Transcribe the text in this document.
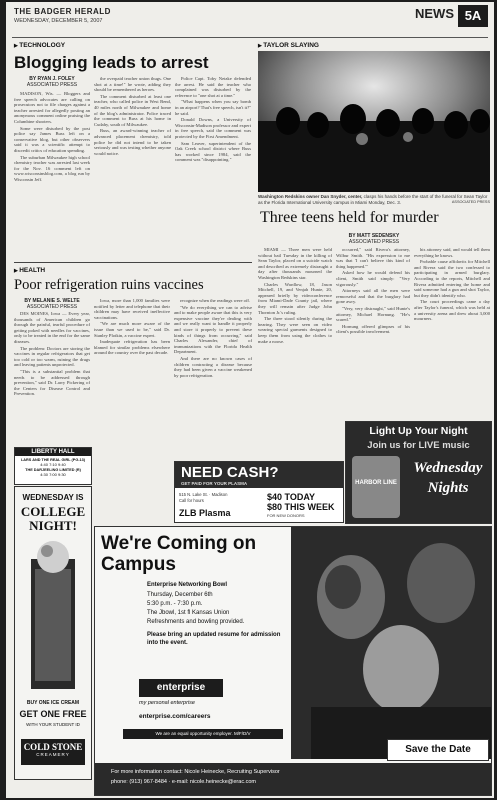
THE BADGER HERALD
WEDNESDAY, DECEMBER 5, 2007	NEWS 5A
▶ TECHNOLOGY
Blogging leads to arrest
BY RYAN J. FOLEY
ASSOCIATED PRESS

MADISON, Wis. — Bloggers and free speech advocates are calling on prosecutors not to file charges against a teacher arrested for allegedly posting an anonymous comment online praising the Columbine shooters.

Some were disturbed by the post police say James Buss left on a conservative blog, but other observers said it was a scientific attempt to discredit critics of education spending.

The suburban Milwaukee high school chemistry teacher was arrested last week for the Nov. 16 comment left on www.wisconsinsblog.com, a blog run by Wisconsin Jeff.

the overpaid teacher union thugs. One shot at a time!" he wrote, adding they should be remembered as heroes.

The comment disturbed at least one teacher, who called police in West Bend, 40 miles north of Milwaukee and home of the blog's administrator. Police traced the comment to Buss at his home in Cudahy, south of Milwaukee.

Buss, an award-winning teacher of advanced placement chemistry, told police he did not intend to be taken seriously and was testing whether anyone would notice.

Police Capt. Toby Netzke defended the arrest. He said the teacher who complained was disturbed by the reference to "one shot at a time."

"What happens when you say bomb in an airport? That's free speech, isn't it?" he said.

Donald Downs, a University of Wisconsin-Madison professor and expert in free speech, said the comment was protected by the First Amendment.

Sam Leaver, superintendent of the Oak Creek school district where Buss has worked since 1984, said the comment was "disappointing."

▶ TAYLOR SLAYING
Washington Redskins owner Dan Snyder, center, clasps his hands before the start of the funeral for Sean Taylor as the Florida International University campus in Miami Monday, Dec. 3.	ASSOCIATED PRESS
Three teens held for murder
BY MATT SEDENSKY
ASSOCIATED PRESS

MIAMI — Three men were held without bail Tuesday in the killing of Sean Taylor, placed on a suicide watch and described as extremely distraught a day after thousands mourned the Washington Redskins star.

Charles Wardlow, 18, Jason Mitchell, 19, and Venjah Hunte, 20, appeared briefly by videoconference from Miami-Dade County jail, where they will remain after Judge John Thornton Jr.'s ruling.

The three stood silently during the hearing. They were seen on video wearing special garments designed to keep them from using the clothes to make a noose.

occurred," said Rivera's attorney, Wilbur Smith. "His expression to me was that 'I can't believe this kind of thing happened.'"

Asked how he would defend his client, Smith said simply: "Very vigorously."

Attorneys said all the men were remorseful and that the burglary had gone awry.

"Very, very distraught," said Hunte's attorney, Michael Hornung. "He's scared."

Hornung offered glimpses of his client's possible involvement.

his attorney said, and would tell them everything he knows.

Probable cause affidavits for Mitchell and Rivera said the two confessed to participating in armed burglary. According to the reports, Mitchell and Rivera admitted entering the home and said someone had a gun and shot Taylor, but they didn't identify who.

The court proceedings came a day after Taylor's funeral, which was held at a university arena and drew about 3,000 mourners.

▶ HEALTH
Poor refrigeration ruins vaccines
BY MELANIE S. WELTE
ASSOCIATED PRESS

DES MOINES, Iowa — Every year, thousands of American children go through the painful, tearful procedure of getting poked with needles for vaccines, only to be treated in the end for the same diseases.

The problem: Doctors are storing the vaccines in regular refrigerators that get too cold or too warm, ruining the drugs and leaving patients unprotected.

"This is a substantial problem that needs to be addressed through prevention," said Dr. Larry Pickering of the Centers for Disease Control and Prevention.

Iowa, more than 1,000 families were notified by letter and telephone that their children may have received ineffective vaccinations.

"We are much more aware of the issue than we used to be," said Dr. Stanley Plotkin, a vaccine expert.

Inadequate refrigeration has been blamed for similar problems elsewhere around the country over the past decade.

recognize when the readings were off.

"We do everything we can to advise and to make people aware that this is very expensive vaccine they're dealing with and we really want to handle it properly and store it properly to prevent these kinds of things from occurring," said Charles Alexander, chief of immunizations with the Florida Health Department.

And there are no known cases of children contracting a disease because they had been given a vaccine weakened by poor refrigeration.

Light Up Your Night
Join us for LIVE music
HARBOR LINE
Wednesday
Nights
NEED CASH?
GET PAID FOR YOUR PLASMA
515 N. Lake St. · Madison
Call for hours
ZLB Plasma
$40 TODAY
$80 THIS WEEK
FOR NEW DONORS
LIBERTY HALL
LARS AND THE REAL GIRL (PG-13)
4:40 7:10 9:40
THE DARJEELING LIMITED (R)
4:30 7:00 9:30
WEDNESDAY IS
COLLEGE
NIGHT!
BUY ONE ICE CREAM
GET ONE FREE
WITH YOUR STUDENT ID
COLD STONE
CREAMERY
We're Coming on Campus
Enterprise Networking Bowl
Thursday, December 6th
5:30 p.m. - 7:30 p.m.
The Jbowl, 1st fl Kansas Union
Refreshments and bowling provided.
Please bring an updated resume for admission into the event.
enterprise
my personal enterprise
enterprise.com/careers
We are an equal opportunity employer. M/F/D/V
Save the Date
For more information contact: Nicole Heinecke, Recruiting Supervisor
phone: (913) 967-8484 · e-mail: nicole.heinecke@erac.com
